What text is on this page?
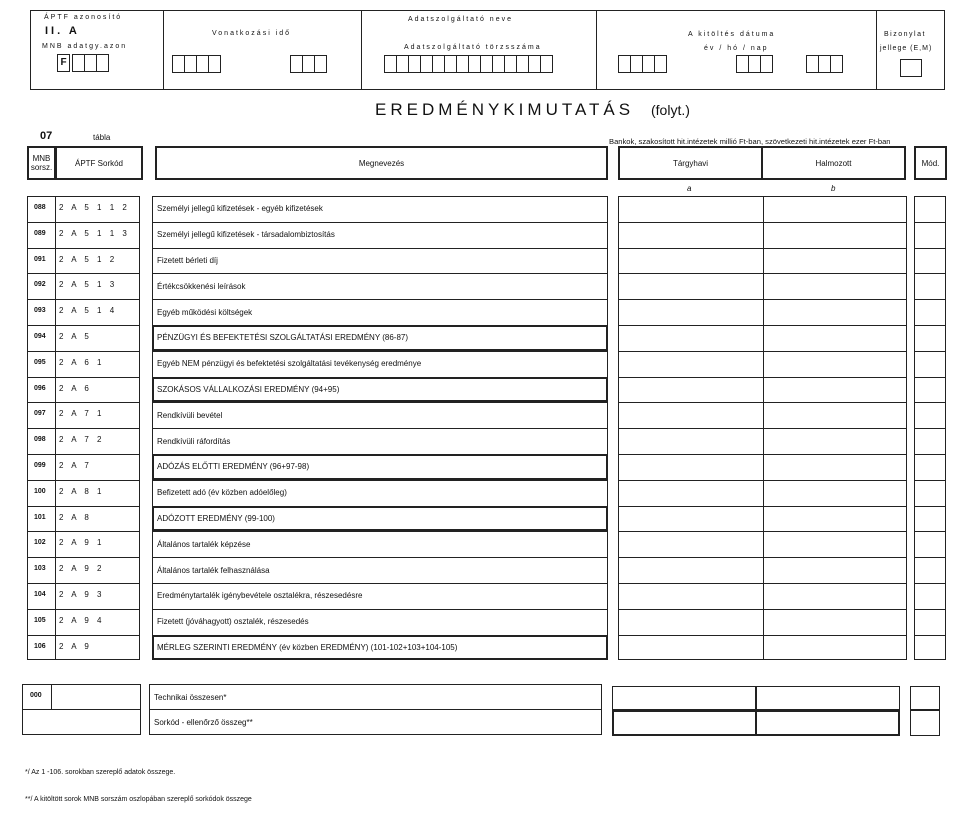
ÁPTF azonosító
II. A
MNB adatgy.azon
F
Vonatkozási idő
Adatszolgáltató neve
Adatszolgáltató törzsszáma
A kitöltés dátuma
év / hó / nap
Bizonylat
jellege (E,M)
EREDMÉNYKIMUTATÁS (folyt.)
07	tábla	Bankok, szakosított hit.intézetek millió Ft-ban, szövetkezeti hit.intézetek ezer Ft-ban
MNB sorsz.	ÁPTF Sorkód	Megnevezés	Tárgyhavi	Halmozott	Mód.
a	b
088 2 A 5 1 1 2	Személyi jellegű kifizetések - egyéb kifizetések
089 2 A 5 1 1 3	Személyi jellegű kifizetések - társadalombiztosítás
091 2 A 5 1 2	Fizetett bérleti díj
092 2 A 5 1 3	Értékcsökkenési leírások
093 2 A 5 1 4	Egyéb működési költségek
094 2 A 5	PÉNZÜGYI ÉS BEFEKTETÉSI SZOLGÁLTATÁSI EREDMÉNY (86-87)
095 2 A 6 1	Egyéb NEM pénzügyi és befektetési szolgáltatási tevékenység eredménye
096 2 A 6	SZOKÁSOS VÁLLALKOZÁSI EREDMÉNY (94+95)
097 2 A 7 1	Rendkívüli bevétel
098 2 A 7 2	Rendkívüli ráfordítás
099 2 A 7	ADÓZÁS ELŐTTI EREDMÉNY (96+97-98)
100 2 A 8 1	Befizetett adó (év közben adóelőleg)
101 2 A 8	ADÓZOTT EREDMÉNY (99-100)
102 2 A 9 1	Általános tartalék képzése
103 2 A 9 2	Általános tartalék felhasználása
104 2 A 9 3	Eredménytartalék igénybevétele osztalékra, részesedésre
105 2 A 9 4	Fizetett (jóváhagyott) osztalék, részesedés
106 2 A 9	MÉRLEG SZERINTI EREDMÉNY (év közben EREDMÉNY) (101-102+103+104-105)
000	Technikai összesen*
Sorkód - ellenőrző összeg**
*/ Az 1 -106. sorokban szereplő adatok összege.
**/ A kitöltött sorok MNB sorszám oszlopában szereplő sorkódok összege
